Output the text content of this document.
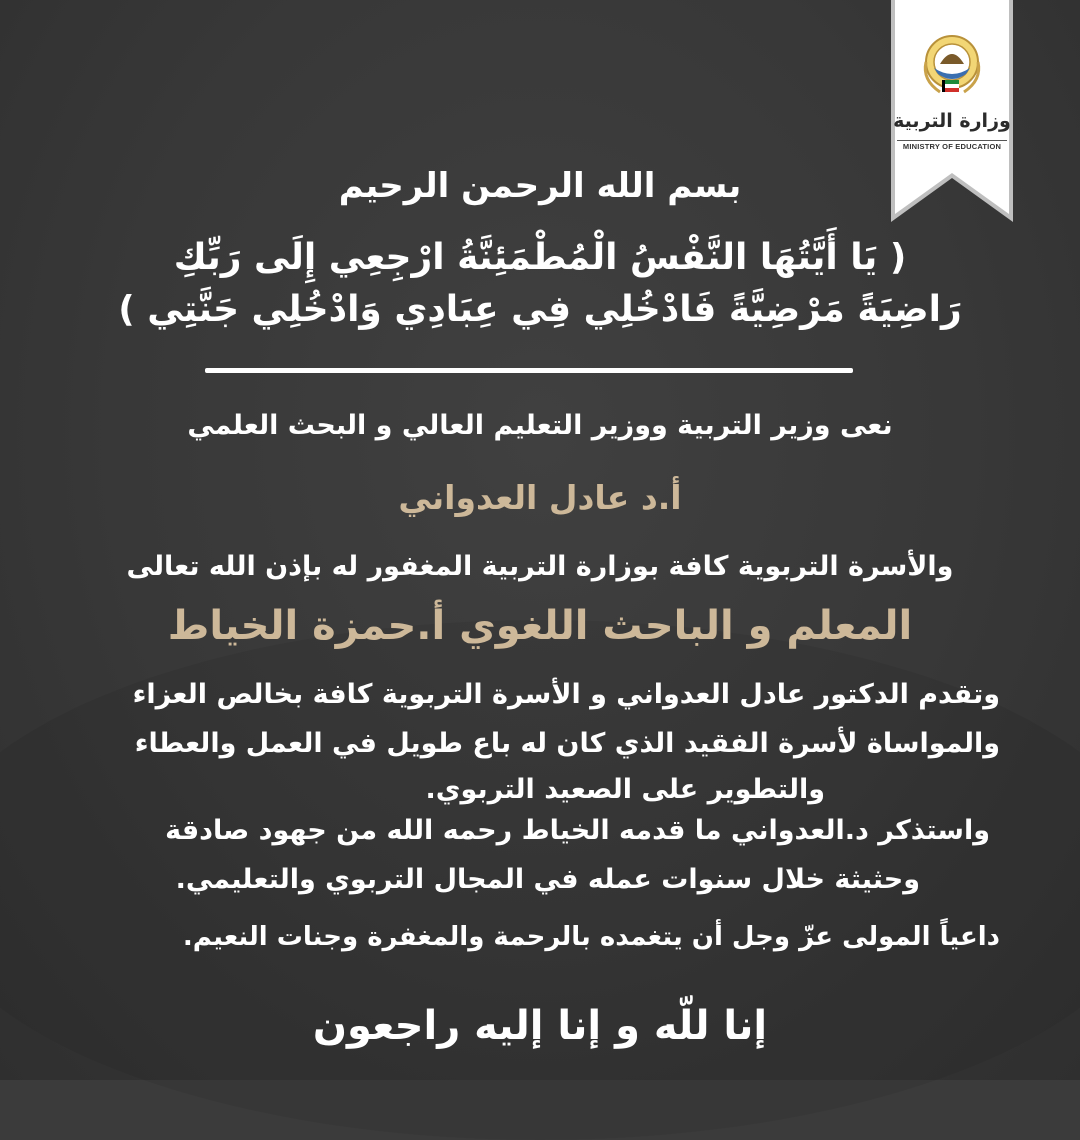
وزارة التربية
MINISTRY OF EDUCATION
بسم الله الرحمن الرحيم
( يَا أَيَّتُهَا النَّفْسُ الْمُطْمَئِنَّةُ ارْجِعِي إِلَى رَبِّكِ
رَاضِيَةً مَرْضِيَّةً فَادْخُلِي فِي عِبَادِي وَادْخُلِي جَنَّتِي )
نعى وزير التربية ووزير التعليم العالي و البحث العلمي
أ.د عادل العدواني
والأسرة التربوية كافة بوزارة التربية المغفور له بإذن الله تعالى
المعلم و الباحث اللغوي أ.حمزة الخياط
وتقدم الدكتور عادل العدواني و الأسرة التربوية كافة بخالص العزاء
والمواساة لأسرة الفقيد الذي كان له باع طويل في العمل والعطاء
والتطوير على الصعيد التربوي.
واستذكر د.العدواني ما قدمه الخياط رحمه الله من جهود صادقة
وحثيثة خلال سنوات عمله في المجال التربوي والتعليمي.
داعياً المولى عزّ وجل أن يتغمده بالرحمة والمغفرة وجنات النعيم.
إنا للّه و إنا إليه راجعون
